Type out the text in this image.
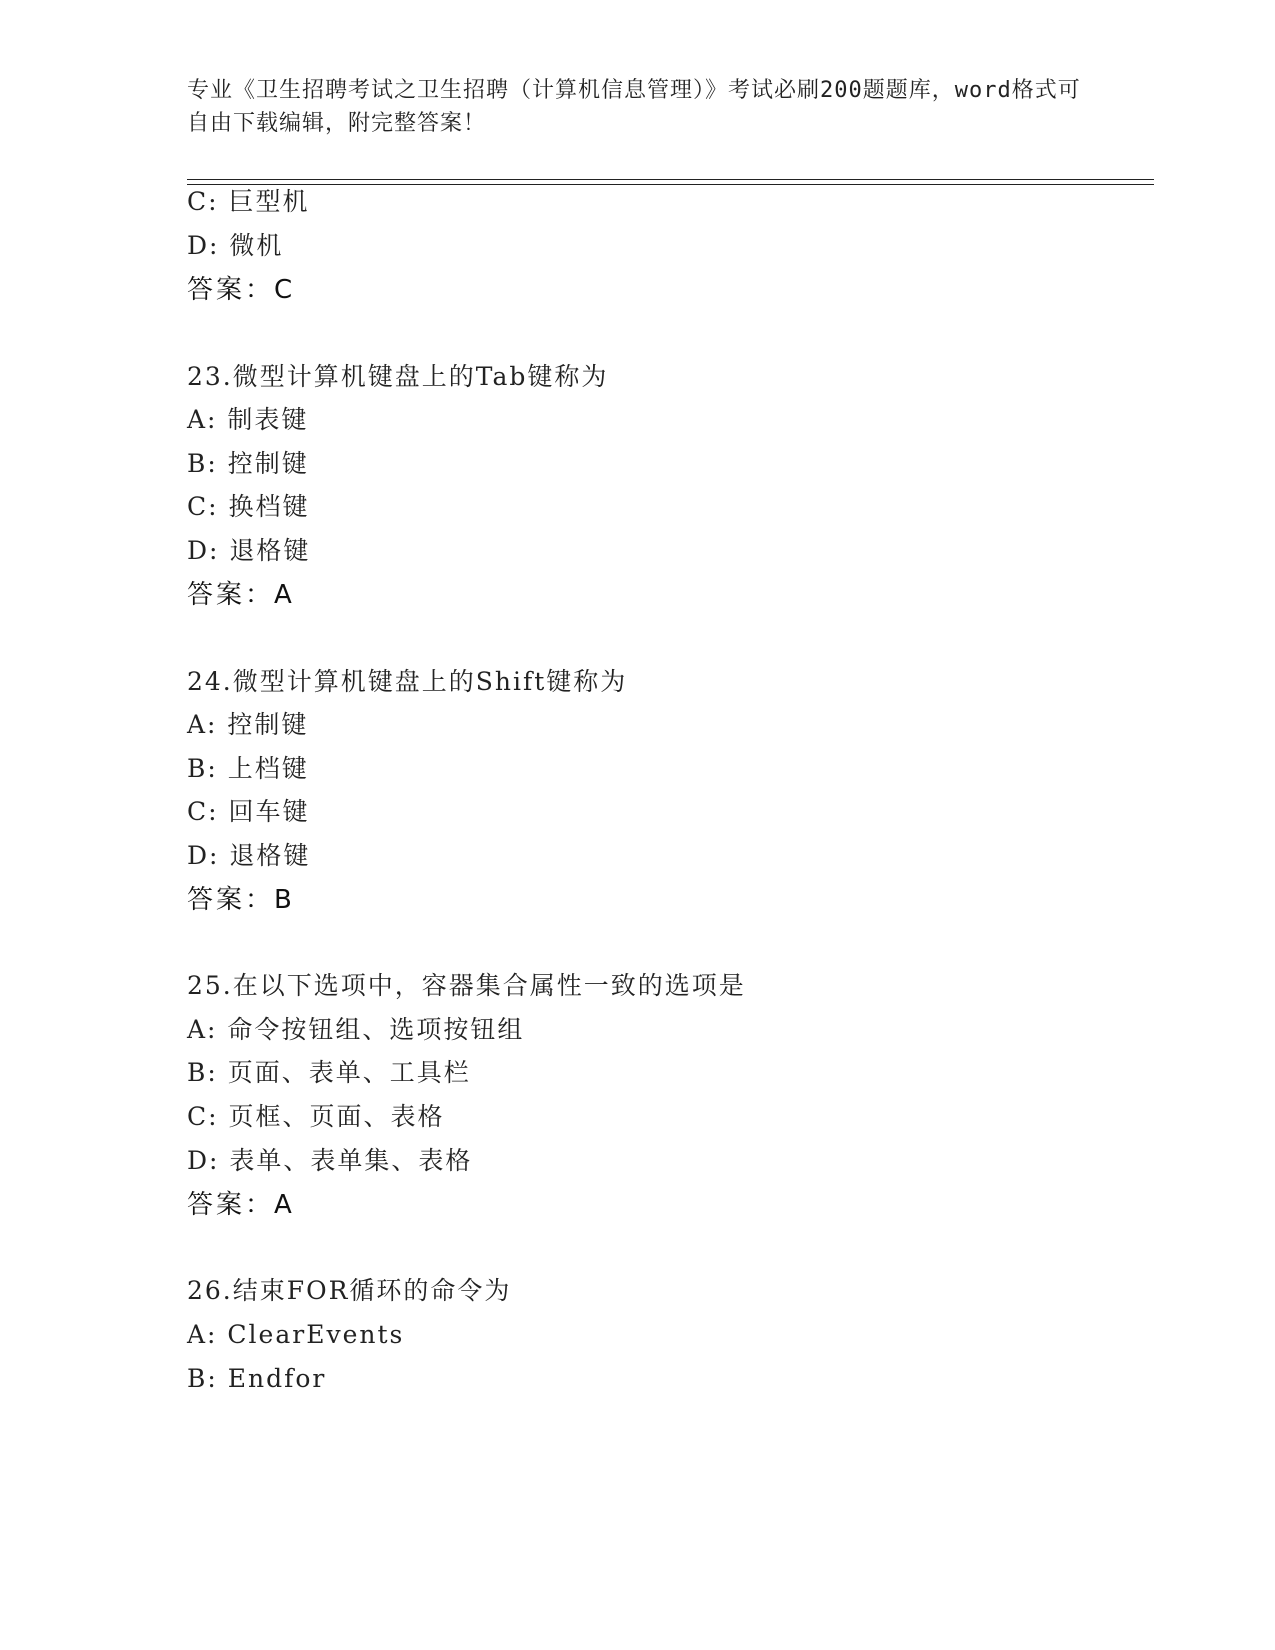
专业《卫生招聘考试之卫生招聘（计算机信息管理）》考试必刷200题题库，word格式可自由下载编辑，附完整答案！
C: 巨型机
D: 微机
答案：C
23.微型计算机键盘上的Tab键称为
A: 制表键
B: 控制键
C: 换档键
D: 退格键
答案：A
24.微型计算机键盘上的Shift键称为
A: 控制键
B: 上档键
C: 回车键
D: 退格键
答案：B
25.在以下选项中，容器集合属性一致的选项是
A: 命令按钮组、选项按钮组
B: 页面、表单、工具栏
C: 页框、页面、表格
D: 表单、表单集、表格
答案：A
26.结束FOR循环的命令为
A: ClearEvents
B: Endfor
